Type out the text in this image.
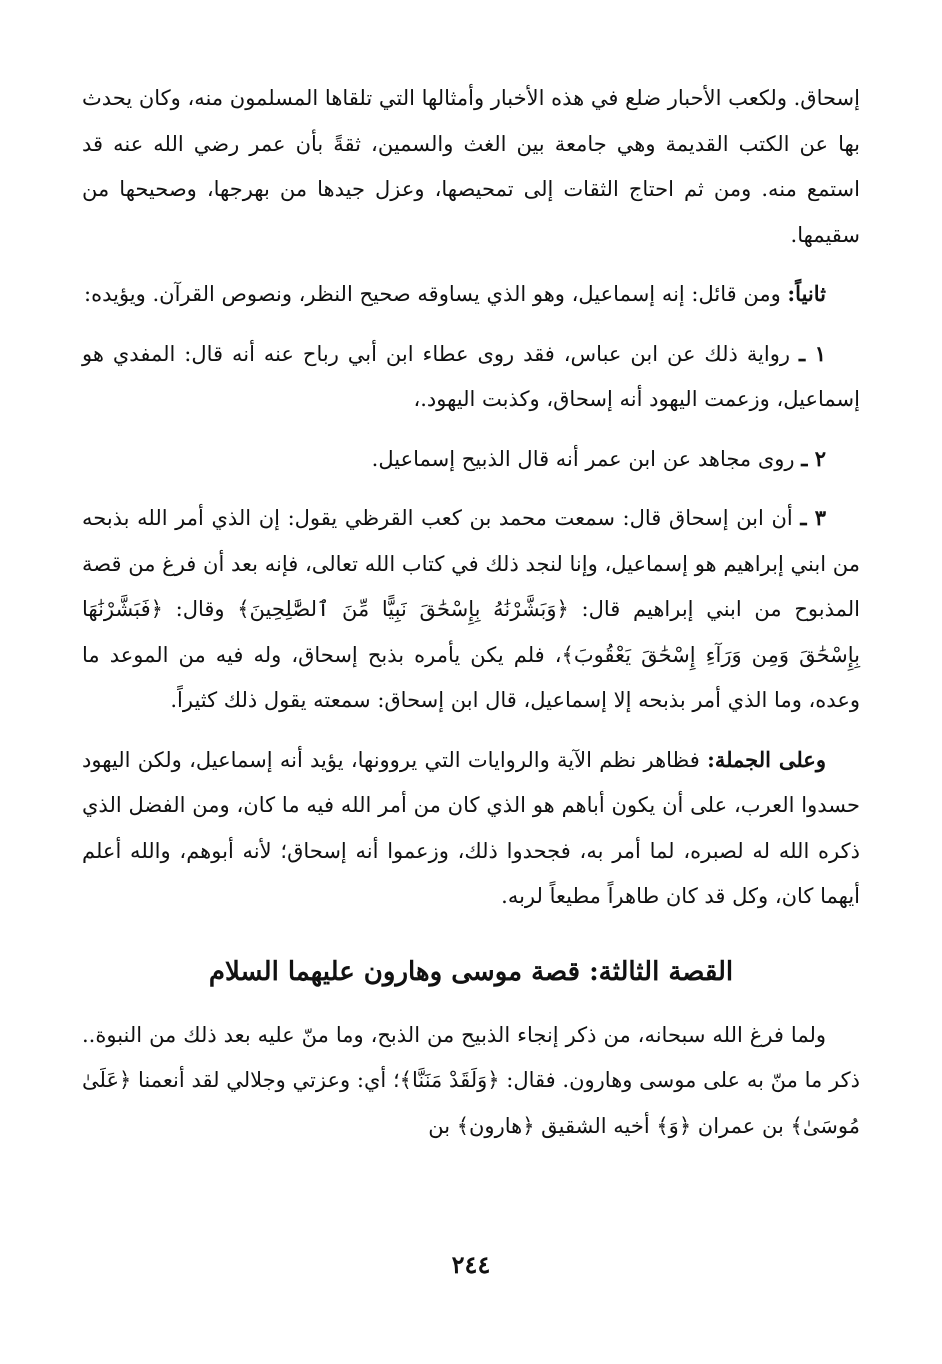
إسحاق. ولكعب الأحبار ضلع في هذه الأخبار وأمثالها التي تلقاها المسلمون منه، وكان يحدث بها عن الكتب القديمة وهي جامعة بين الغث والسمين، ثقةً بأن عمر رضي الله عنه قد استمع منه. ومن ثم احتاج الثقات إلى تمحيصها، وعزل جيدها من بهرجها، وصحيحها من سقيمها.

ثانياً: ومن قائل: إنه إسماعيل، وهو الذي يساوقه صحيح النظر، ونصوص القرآن. ويؤيده:

١ ـ رواية ذلك عن ابن عباس، فقد روى عطاء ابن أبي رباح عنه أنه قال: المفدي هو إسماعيل، وزعمت اليهود أنه إسحاق، وكذبت اليهود.،

٢ ـ روى مجاهد عن ابن عمر أنه قال الذبيح إسماعيل.

٣ ـ أن ابن إسحاق قال: سمعت محمد بن كعب القرظي يقول: إن الذي أمر الله بذبحه من ابني إبراهيم هو إسماعيل، وإنا لنجد ذلك في كتاب الله تعالى، فإنه بعد أن فرغ من قصة المذبوح من ابني إبراهيم قال: ﴿وَبَشَّرْنَٰهُ بِإِسْحَٰقَ نَبِيًّا مِّنَ ٱلصَّٰلِحِينَ﴾ وقال: ﴿فَبَشَّرْنَٰهَا بِإِسْحَٰقَ وَمِن وَرَآءِ إِسْحَٰقَ يَعْقُوبَ﴾، فلم يكن يأمره بذبح إسحاق، وله فيه من الموعد ما وعده، وما الذي أمر بذبحه إلا إسماعيل، قال ابن إسحاق: سمعته يقول ذلك كثيراً.

وعلى الجملة: فظاهر نظم الآية والروايات التي يروونها، يؤيد أنه إسماعيل، ولكن اليهود حسدوا العرب، على أن يكون أباهم هو الذي كان من أمر الله فيه ما كان، ومن الفضل الذي ذكره الله له لصبره، لما أمر به، فجحدوا ذلك، وزعموا أنه إسحاق؛ لأنه أبوهم، والله أعلم أيهما كان، وكل قد كان طاهراً مطيعاً لربه.

القصة الثالثة: قصة موسى وهارون عليهما السلام

ولما فرغ الله سبحانه، من ذكر إنجاء الذبيح من الذبح، وما منّ عليه بعد ذلك من النبوة.. ذكر ما منّ به على موسى وهارون. فقال: ﴿وَلَقَدْ مَنَنَّا﴾؛ أي: وعزتي وجلالي لقد أنعمنا ﴿عَلَىٰ مُوسَىٰ﴾ بن عمران ﴿وَ﴾ أخيه الشقيق ﴿هارون﴾ بن

٢٤٤
